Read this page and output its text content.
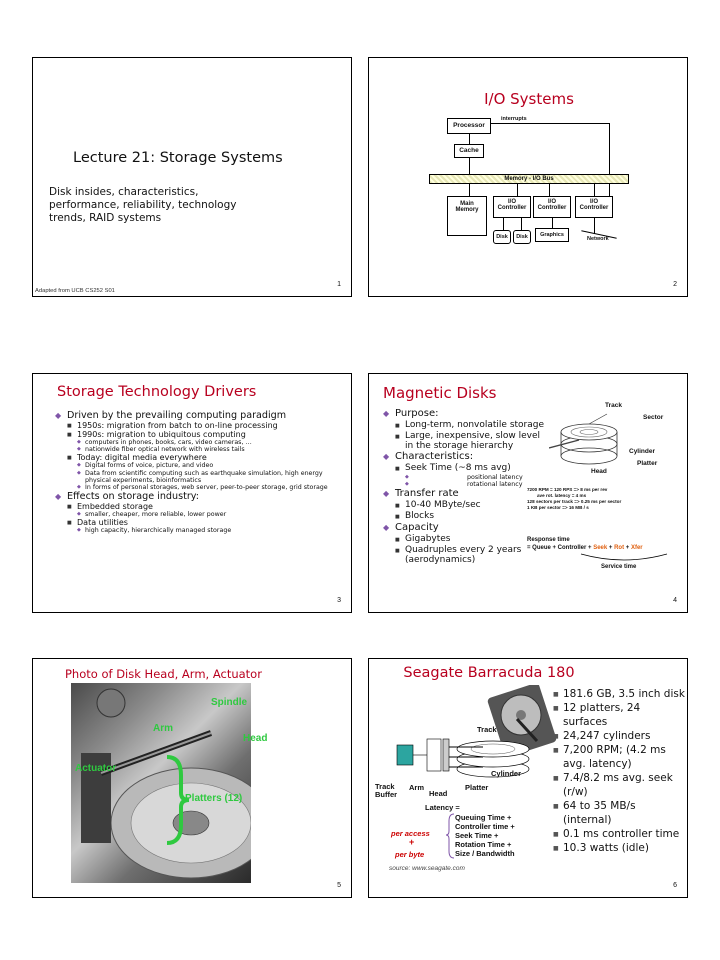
Lecture 21: Storage Systems
Disk insides, characteristics, performance, reliability, technology trends, RAID systems
Adapted from UCB CS252 S01
1
I/O Systems
interrupts
Processor
Cache
Memory - I/O Bus
Main Memory
I/O Controller
I/O Controller
I/O Controller
Disk	Disk	Graphics
Network
2
Storage Technology Drivers
◆ Driven by the prevailing computing paradigm
■ 1950s: migration from batch to on-line processing
■ 1990s: migration to ubiquitous computing
◆ computers in phones, books, cars, video cameras, …
◆ nationwide fiber optical network with wireless tails
■ Today: digital media everywhere
◆ Digital forms of voice, picture, and video
◆ Data from scientific computing such as earthquake simulation, high energy physical experiments, bioinformatics
◆ In forms of personal storages, web server, peer-to-peer storage, grid storage
◆ Effects on storage industry:
■ Embedded storage
◆ smaller, cheaper, more reliable, lower power
■ Data utilities
◆ high capacity, hierarchically managed storage
3
Magnetic Disks
◆ Purpose:
■ Long-term, nonvolatile storage
■ Large, inexpensive, slow level in the storage hierarchy
◆ Characteristics:
■ Seek Time (~8 ms avg)
◆ positional latency
◆ rotational latency
◆ Transfer rate
■ 10-40 MByte/sec
■ Blocks
◆ Capacity
■ Gigabytes
■ Quadruples every 2 years (aerodynamics)
Track
Sector
Cylinder
Platter
Head
7200 RPM = 120 RPS => 8 ms per rev
ave rot. latency = 4 ms
128 sectors per track => 0.25 ms per sector
1 KB per sector => 16 MB / s
Response time
= Queue + Controller + Seek + Rot + Xfer
Service time
4
Photo of Disk Head, Arm, Actuator
Spindle
Arm
Head
Actuator
Platters (12)
5
Seagate Barracuda 180
■ 181.6 GB, 3.5 inch disk
■ 12 platters, 24 surfaces
■ 24,247 cylinders
■ 7,200 RPM; (4.2 ms avg. latency)
■ 7.4/8.2 ms avg. seek (r/w)
■ 64 to 35 MB/s (internal)
■ 0.1 ms controller time
■ 10.3 watts (idle)
Track
Cylinder
Track Buffer
Arm
Head
Platter
Latency =
Queuing Time +
Controller time +
Seek Time +
Rotation Time +
Size / Bandwidth
per access
+
per byte
source: www.seagate.com
6
